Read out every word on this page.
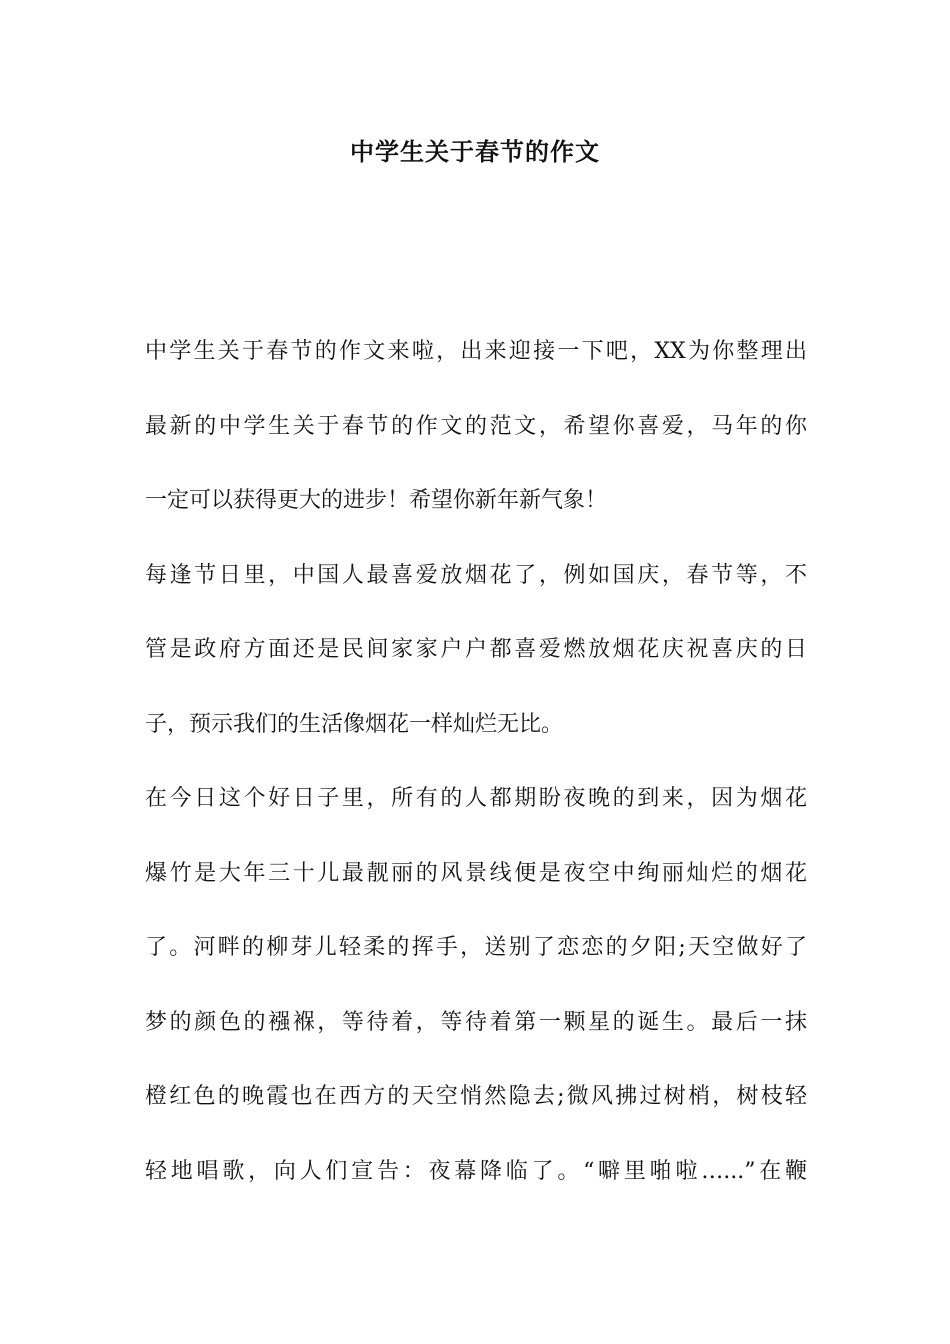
中学生关于春节的作文
中学生关于春节的作文来啦，出来迎接一下吧，XX为你整理出
最新的中学生关于春节的作文的范文，希望你喜爱，马年的你
一定可以获得更大的进步！希望你新年新气象！
每逢节日里，中国人最喜爱放烟花了，例如国庆，春节等，不
管是政府方面还是民间家家户户都喜爱燃放烟花庆祝喜庆的日
子，预示我们的生活像烟花一样灿烂无比。
在今日这个好日子里，所有的人都期盼夜晚的到来，因为烟花
爆竹是大年三十儿最靓丽的风景线便是夜空中绚丽灿烂的烟花
了。河畔的柳芽儿轻柔的挥手，送别了恋恋的夕阳;天空做好了
梦的颜色的襁褓，等待着，等待着第一颗星的诞生。最后一抹
橙红色的晚霞也在西方的天空悄然隐去;微风拂过树梢，树枝轻
轻地唱歌，向人们宣告：夜幕降临了。“噼里啪啦…...”在鞭
